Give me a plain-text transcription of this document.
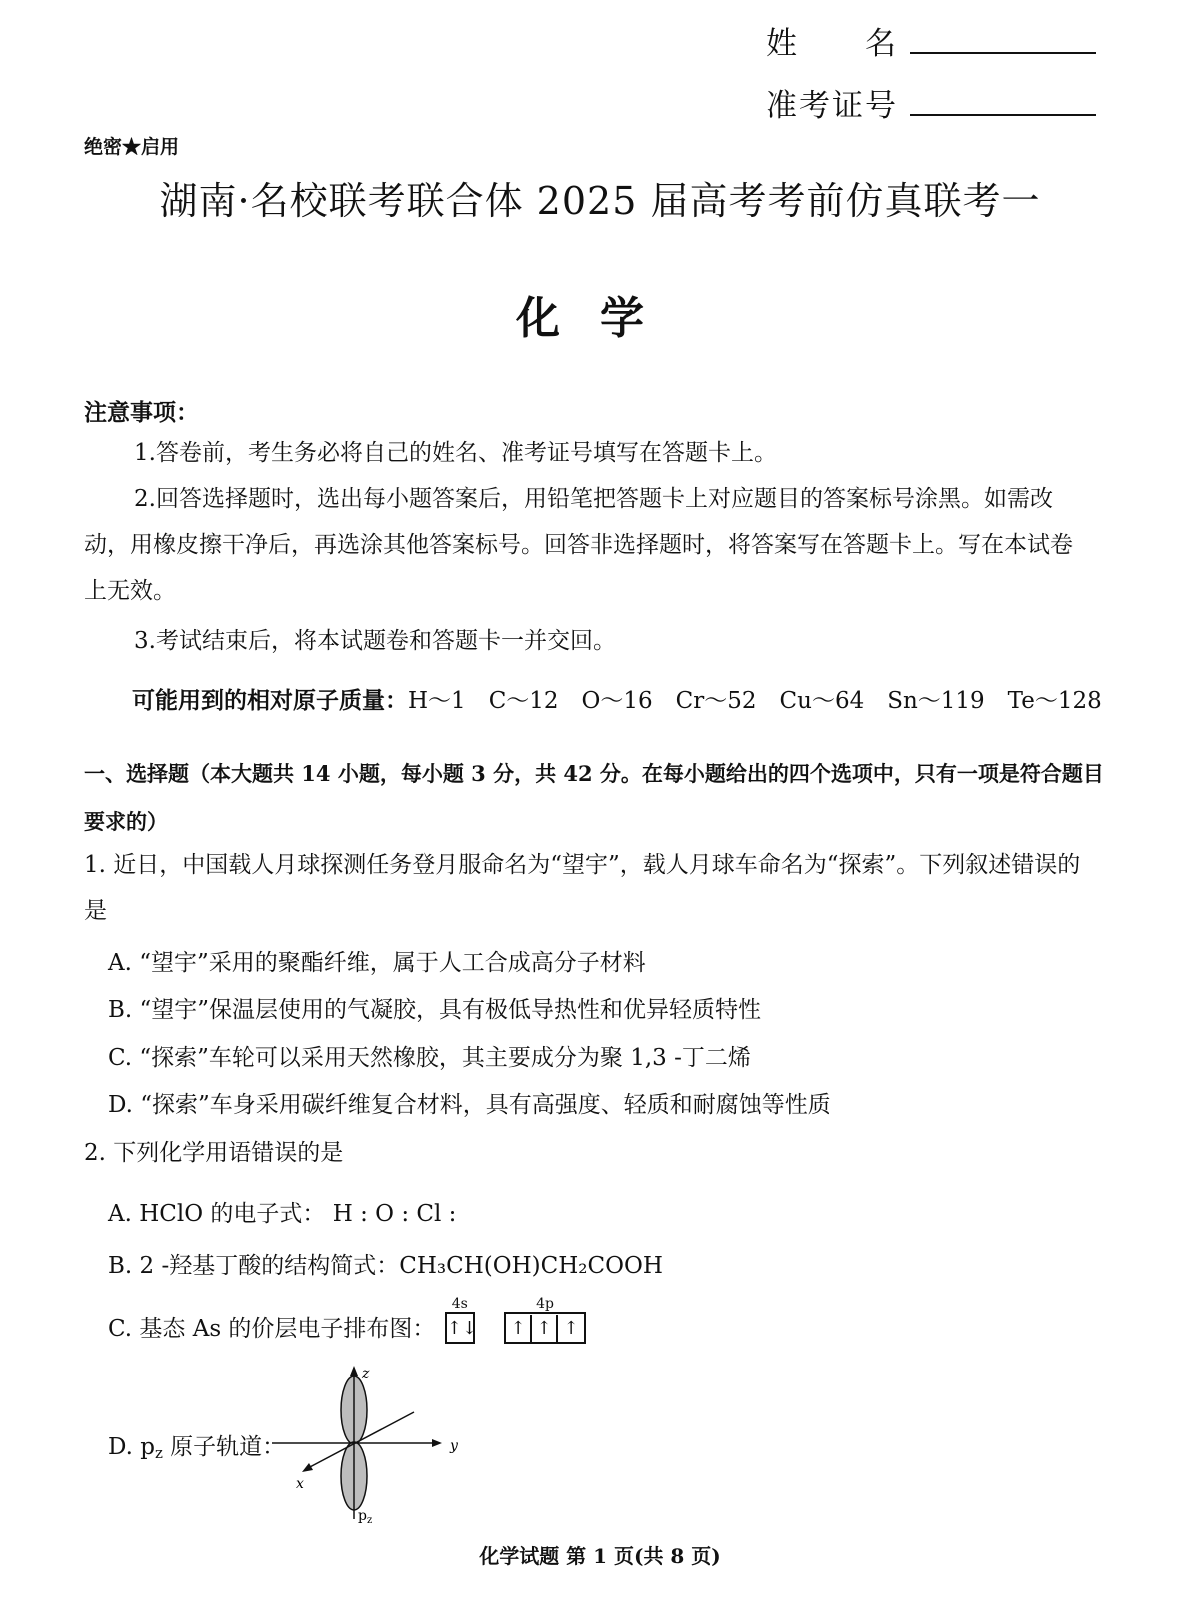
姓　　名
准考证号
绝密★启用
湖南·名校联考联合体 2025 届高考考前仿真联考一
化学
注意事项：
1.答卷前，考生务必将自己的姓名、准考证号填写在答题卡上。
2.回答选择题时，选出每小题答案后，用铅笔把答题卡上对应题目的答案标号涂黑。如需改动，用橡皮擦干净后，再选涂其他答案标号。回答非选择题时，将答案写在答题卡上。写在本试卷上无效。
3.考试结束后，将本试题卷和答题卡一并交回。
可能用到的相对原子质量：H～1　C～12　O～16　Cr～52　Cu～64　Sn～119　Te～128
一、选择题（本大题共 14 小题，每小题 3 分，共 42 分。在每小题给出的四个选项中，只有一项是符合题目要求的）
1. 近日，中国载人月球探测任务登月服命名为“望宇”，载人月球车命名为“探索”。下列叙述错误的是
A. “望宇”采用的聚酯纤维，属于人工合成高分子材料
B. “望宇”保温层使用的气凝胶，具有极低导热性和优异轻质特性
C. “探索”车轮可以采用天然橡胶，其主要成分为聚 1,3 -丁二烯
D. “探索”车身采用碳纤维复合材料，具有高强度、轻质和耐腐蚀等性质
2. 下列化学用语错误的是
A. HClO 的电子式： H : O : Cl :
B. 2 -羟基丁酸的结构简式：CH₃CH(OH)CH₂COOH
C. 基态 As 的价层电子排布图：
4s
↑↓
4p
↑ ↑ ↑
D. $p_z$ 原子轨道：
z
y
x
$p_z$
化学试题 第 1 页(共 8 页)
